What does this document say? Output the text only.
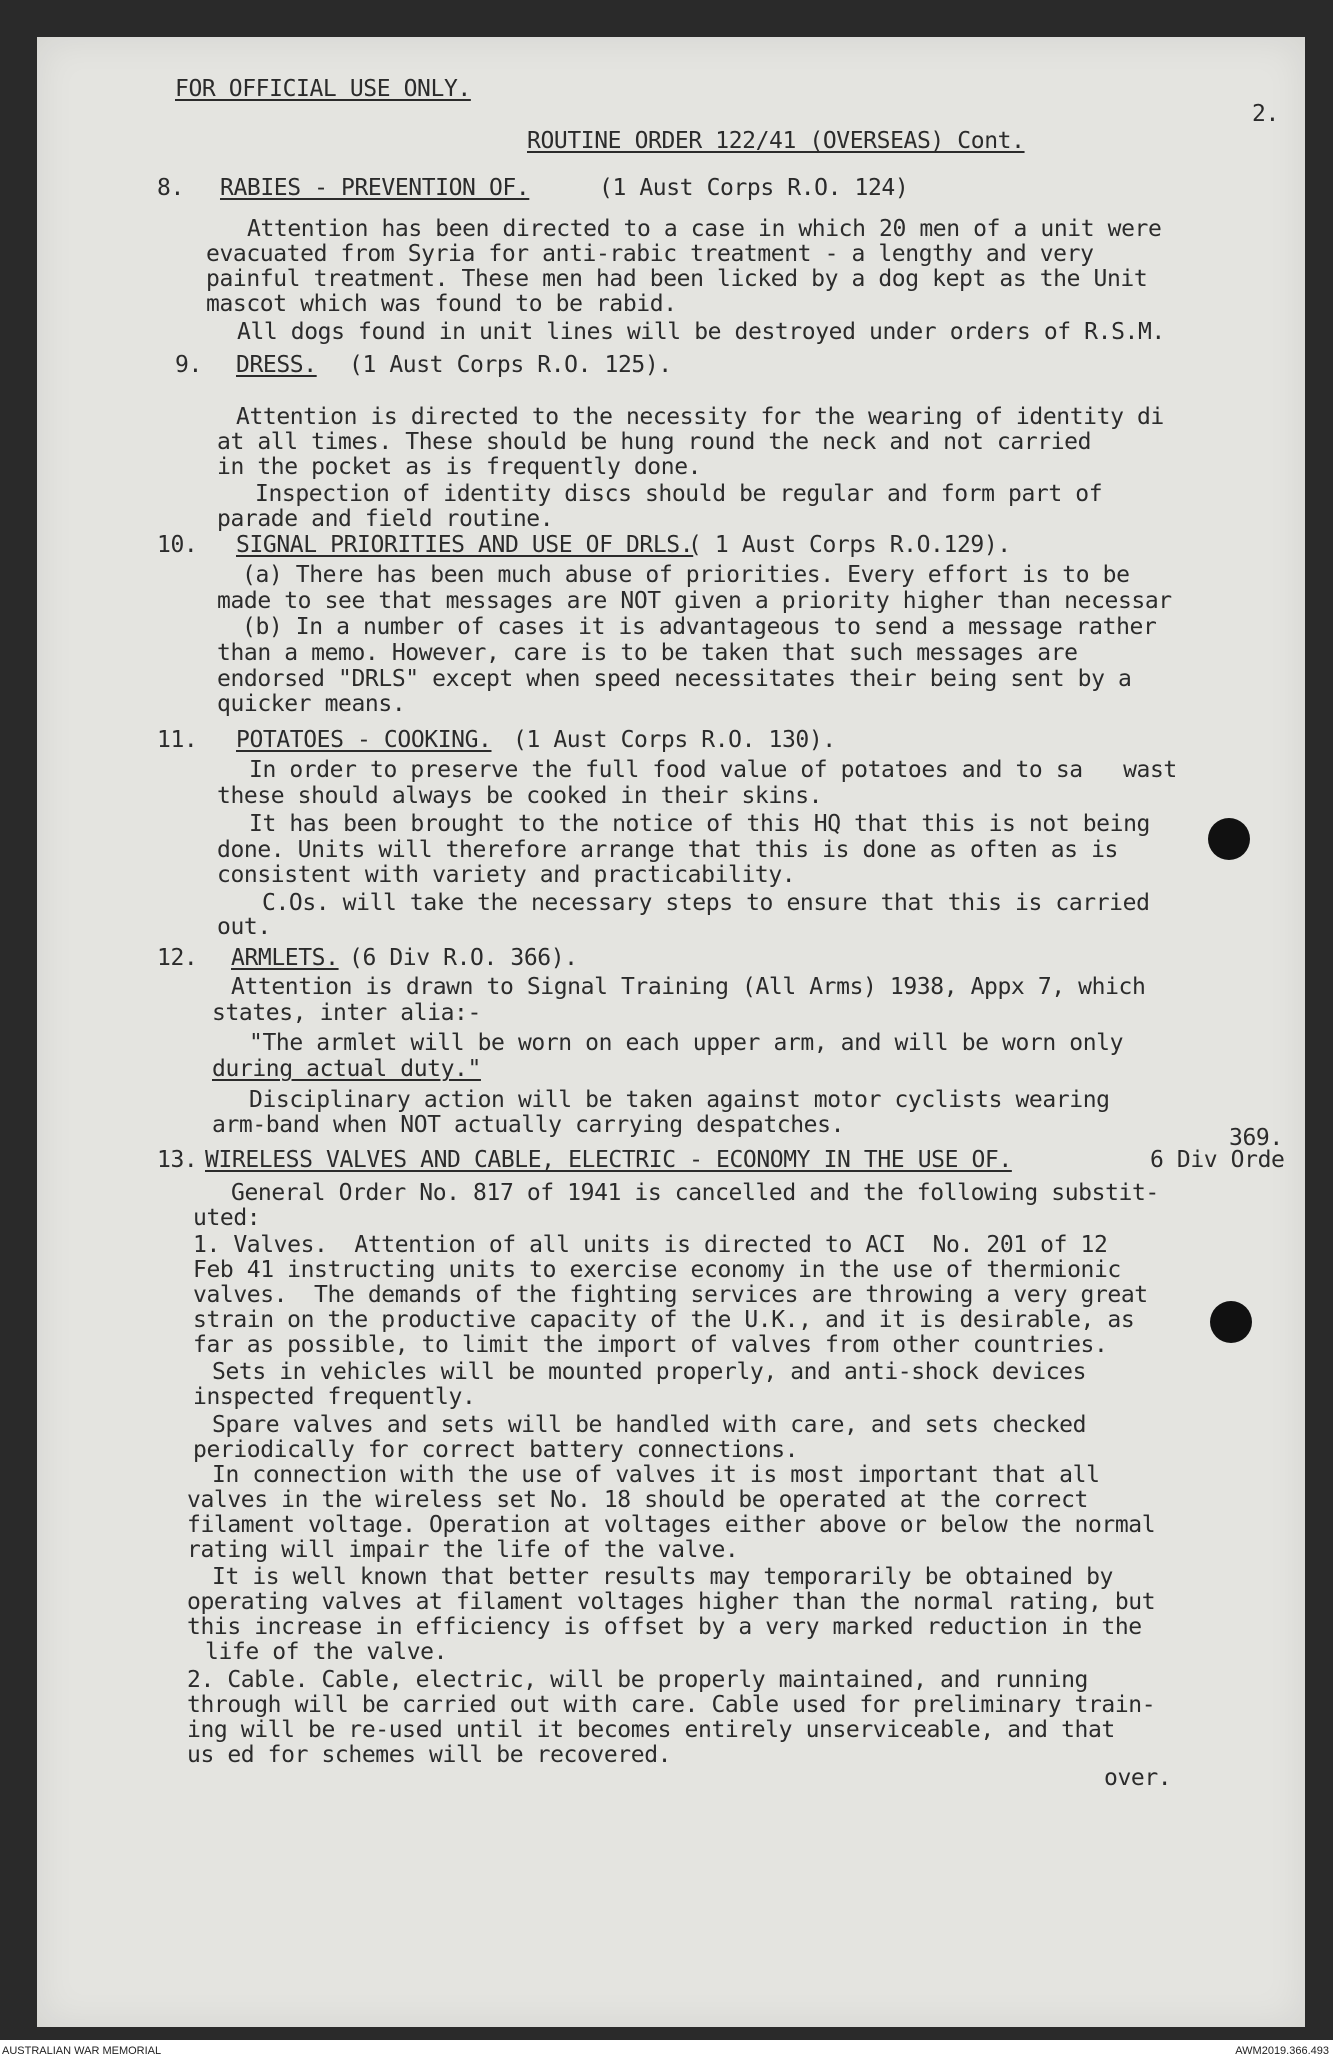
FOR OFFICIAL USE ONLY.
2.
ROUTINE ORDER 122/41 (OVERSEAS) Cont.
8. RABIES - PREVENTION OF.	(1 Aust Corps R.O. 124)
Attention has been directed to a case in which 20 men of a unit were
evacuated from Syria for anti-rabic treatment - a lengthy and very
painful treatment. These men had been licked by a dog kept as the Unit
mascot which was found to be rabid.
All dogs found in unit lines will be destroyed under orders of R.S.M.
9. DRESS. (1 Aust Corps R.O. 125).
Attention is directed to the necessity for the wearing of identity di
at all times. These should be hung round the neck and not carried
in the pocket as is frequently done.
Inspection of identity discs should be regular and form part of
parade and field routine.
10. SIGNAL PRIORITIES AND USE OF DRLS.
( 1 Aust Corps R.O.129).
(a) There has been much abuse of priorities. Every effort is to be
made to see that messages are NOT given a priority higher than necessar
(b) In a number of cases it is advantageous to send a message rather
than a memo. However, care is to be taken that such messages are
endorsed "DRLS" except when speed necessitates their being sent by a
quicker means.
11. POTATOES - COOKING. (1 Aust Corps R.O. 130).
In order to preserve the full food value of potatoes and to sa   wast
these should always be cooked in their skins.
It has been brought to the notice of this HQ that this is not being
done. Units will therefore arrange that this is done as often as is
consistent with variety and practicability.
C.Os. will take the necessary steps to ensure that this is carried
out.
12. ARMLETS. (6 Div R.O. 366).
Attention is drawn to Signal Training (All Arms) 1938, Appx 7, which
states, inter alia:-
"The armlet will be worn on each upper arm, and will be worn only
during actual duty."
Disciplinary action will be taken against motor cyclists wearing
arm-band when NOT actually carrying despatches.	369.
13. WIRELESS VALVES AND CABLE, ELECTRIC - ECONOMY IN THE USE OF.	6 Div Orde
General Order No. 817 of 1941 is cancelled and the following substit-
uted:
1. Valves.  Attention of all units is directed to ACI  No. 201 of 12
Feb 41 instructing units to exercise economy in the use of thermionic
valves.  The demands of the fighting services are throwing a very great
strain on the productive capacity of the U.K., and it is desirable, as
far as possible, to limit the import of valves from other countries.
Sets in vehicles will be mounted properly, and anti-shock devices
inspected frequently.
Spare valves and sets will be handled with care, and sets checked
periodically for correct battery connections.
In connection with the use of valves it is most important that all
valves in the wireless set No. 18 should be operated at the correct
filament voltage. Operation at voltages either above or below the normal
rating will impair the life of the valve.
It is well known that better results may temporarily be obtained by
operating valves at filament voltages higher than the normal rating, but
this increase in efficiency is offset by a very marked reduction in the
life of the valve.
2. Cable. Cable, electric, will be properly maintained, and running
through will be carried out with care. Cable used for preliminary train-
ing will be re-used until it becomes entirely unserviceable, and that
us ed for schemes will be recovered.
over.
AUSTRALIAN WAR MEMORIAL	AWM2019.366.493
